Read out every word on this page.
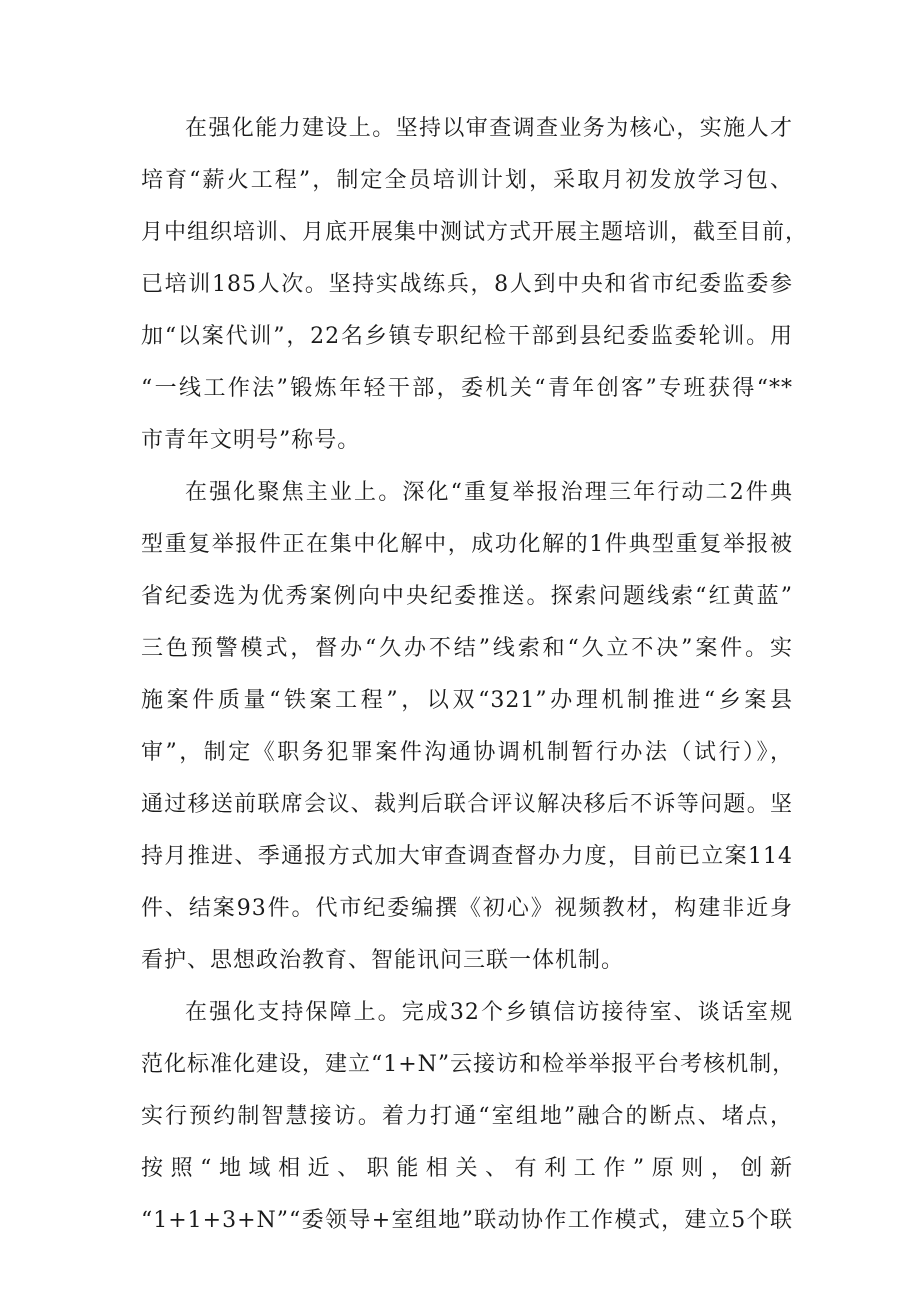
在强化能力建设上。坚持以审查调查业务为核心，实施人才
培育“薪火工程”，制定全员培训计划，采取月初发放学习包、
月中组织培训、月底开展集中测试方式开展主题培训，截至目前，
已培训185人次。坚持实战练兵，8人到中央和省市纪委监委参
加“以案代训”，22名乡镇专职纪检干部到县纪委监委轮训。用
“一线工作法”锻炼年轻干部，委机关“青年创客”专班获得“**
市青年文明号”称号。
在强化聚焦主业上。深化“重复举报治理三年行动二2件典
型重复举报件正在集中化解中，成功化解的1件典型重复举报被
省纪委选为优秀案例向中央纪委推送。探索问题线索“红黄蓝”
三色预警模式，督办“久办不结”线索和“久立不决”案件。实
施案件质量“铁案工程”，以双“321”办理机制推进“乡案县
审”，制定《职务犯罪案件沟通协调机制暂行办法（试行）》，
通过移送前联席会议、裁判后联合评议解决移后不诉等问题。坚
持月推进、季通报方式加大审查调查督办力度，目前已立案114
件、结案93件。代市纪委编撰《初心》视频教材，构建非近身
看护、思想政治教育、智能讯问三联一体机制。
在强化支持保障上。完成32个乡镇信访接待室、谈话室规
范化标准化建设，建立“1+N”云接访和检举举报平台考核机制，
实行预约制智慧接访。着力打通“室组地”融合的断点、堵点，
按照“地域相近、职能相关、有利工作”原则，创新
“1+1+3+N”“委领导+室组地”联动协作工作模式，建立5个联
